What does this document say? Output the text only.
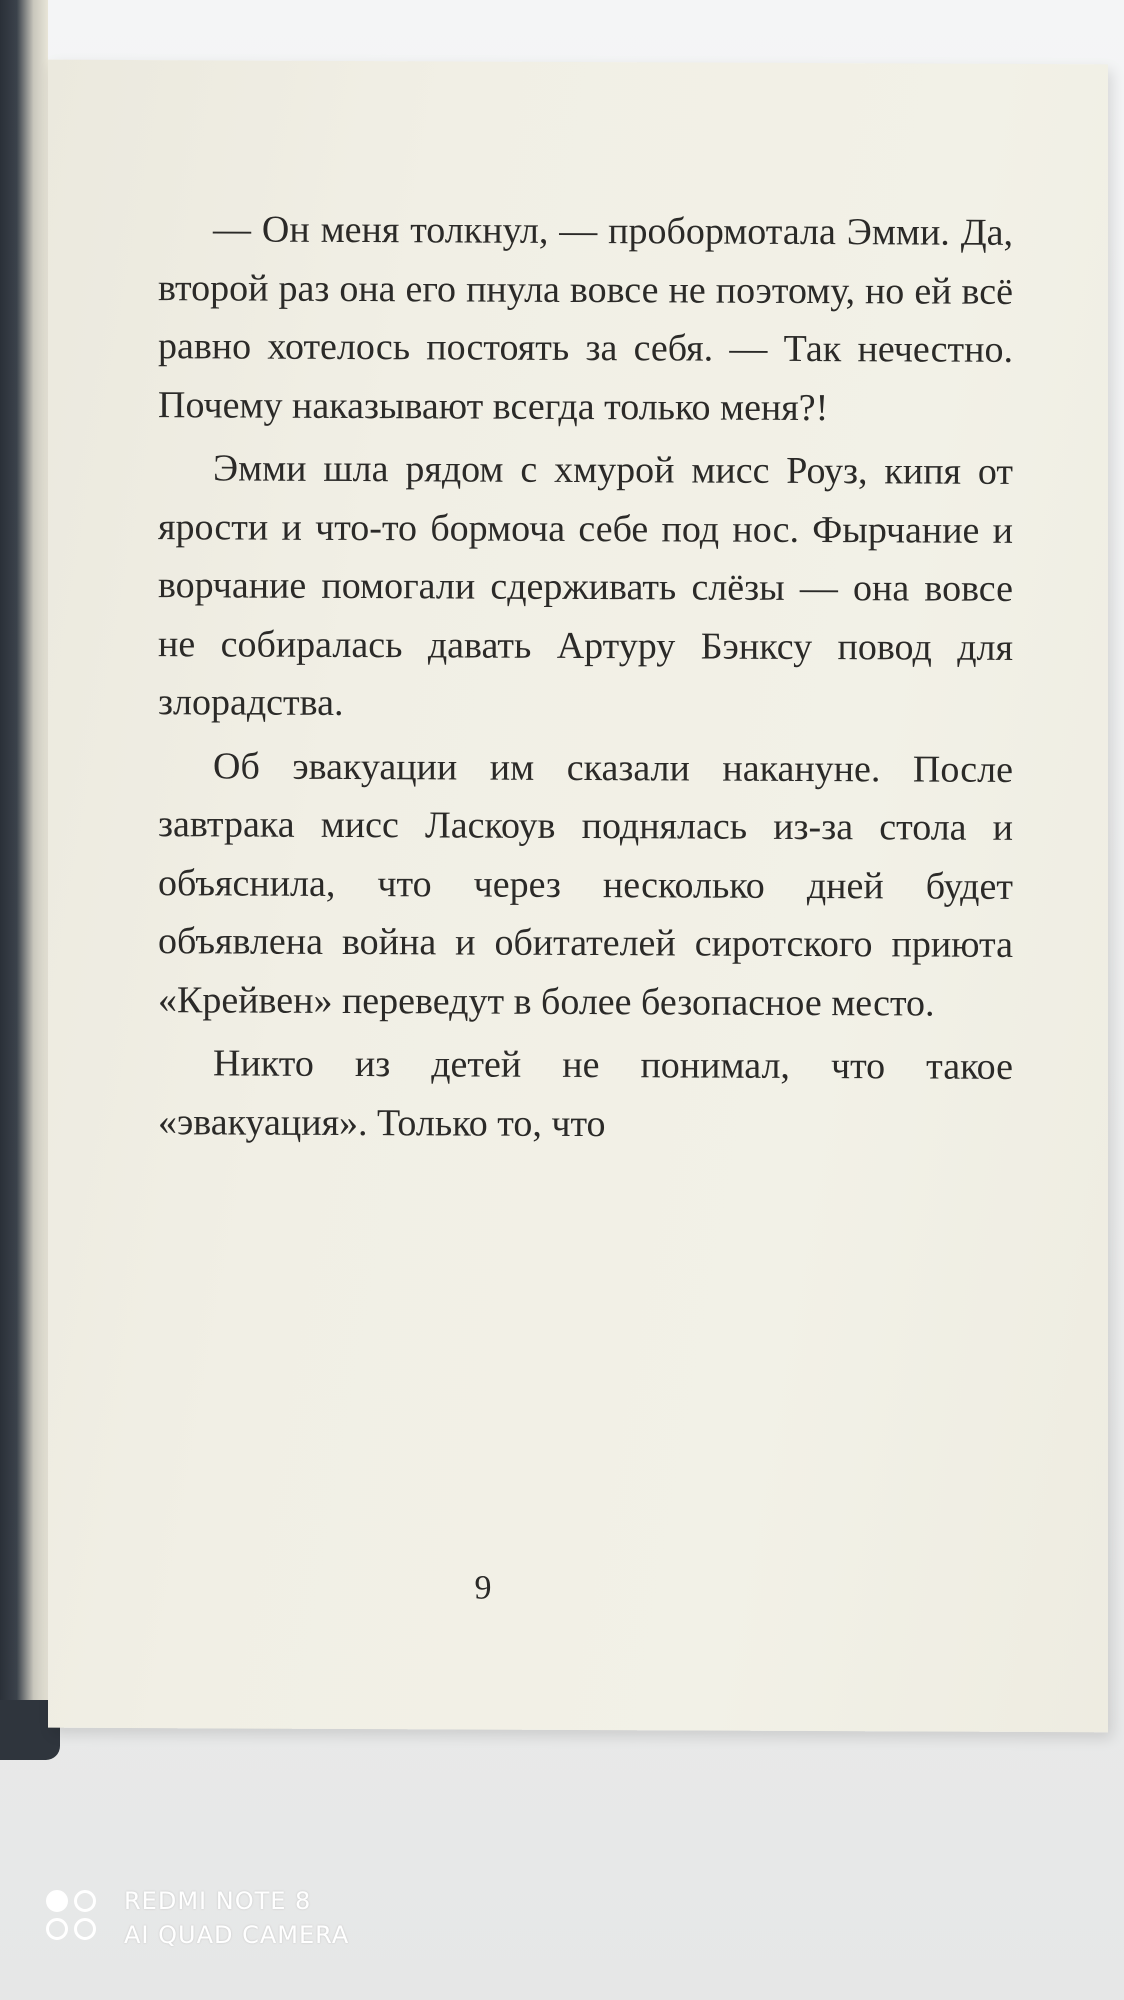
— Он меня толкнул, — пробормотала Эмми. Да, второй раз она его пнула вовсе не поэтому, но ей всё равно хотелось постоять за себя. — Так нечестно. Почему наказывают всегда только меня?!

Эмми шла рядом с хмурой мисс Роуз, кипя от ярости и что-то бормоча себе под нос. Фырчание и ворчание помогали сдерживать слёзы — она вовсе не собиралась давать Артуру Бэнксу повод для злорадства.

Об эвакуации им сказали накануне. После завтрака мисс Ласкоув поднялась из-за стола и объяснила, что через несколько дней будет объявлена война и обитателей сиротского приюта «Крейвен» переведут в более безопасное место.

Никто из детей не понимал, что такое «эвакуация». Только то, что

9
REDMI NOTE 8
AI QUAD CAMERA
